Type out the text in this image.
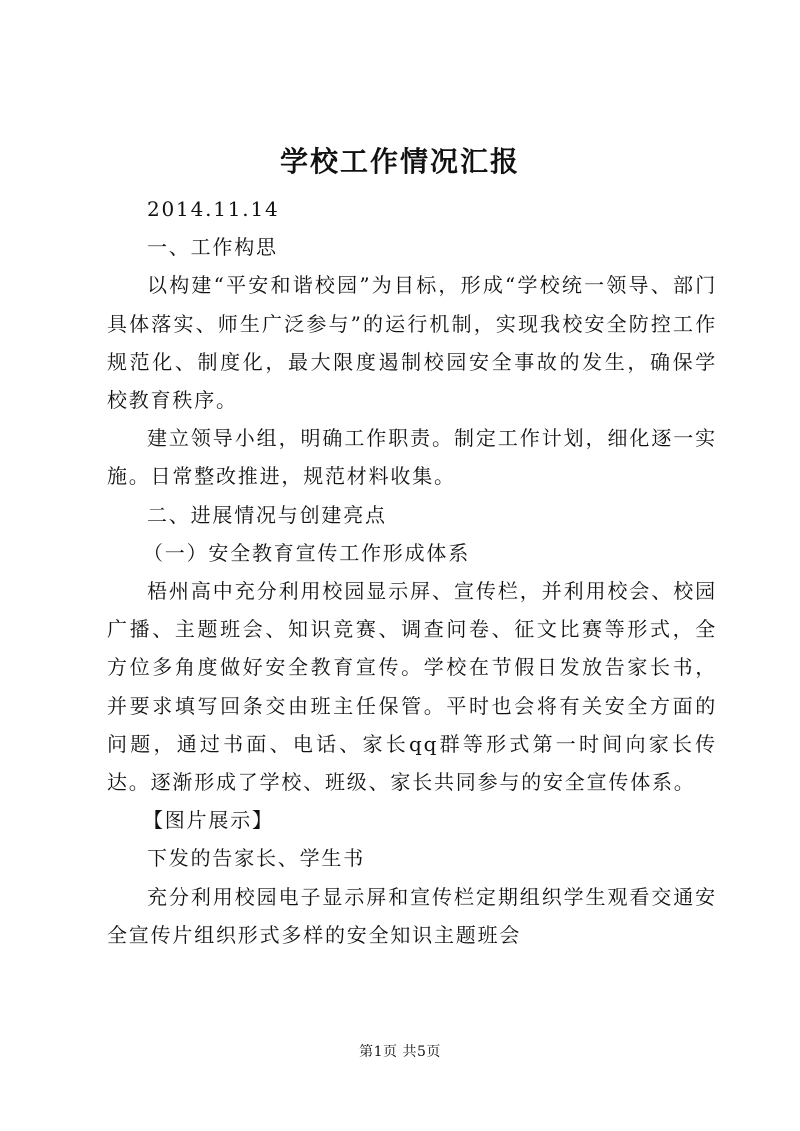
学校工作情况汇报

2014.11.14

一、工作构思

以构建“平安和谐校园”为目标，形成“学校统一领导、部门具体落实、师生广泛参与”的运行机制，实现我校安全防控工作规范化、制度化，最大限度遏制校园安全事故的发生，确保学校教育秩序。

建立领导小组，明确工作职责。制定工作计划，细化逐一实施。日常整改推进，规范材料收集。

二、进展情况与创建亮点

（一）安全教育宣传工作形成体系

梧州高中充分利用校园显示屏、宣传栏，并利用校会、校园广播、主题班会、知识竞赛、调查问卷、征文比赛等形式，全方位多角度做好安全教育宣传。学校在节假日发放告家长书，并要求填写回条交由班主任保管。平时也会将有关安全方面的问题，通过书面、电话、家长qq群等形式第一时间向家长传达。逐渐形成了学校、班级、家长共同参与的安全宣传体系。

【图片展示】

下发的告家长、学生书

充分利用校园电子显示屏和宣传栏定期组织学生观看交通安全宣传片组织形式多样的安全知识主题班会

第1页 共5页
